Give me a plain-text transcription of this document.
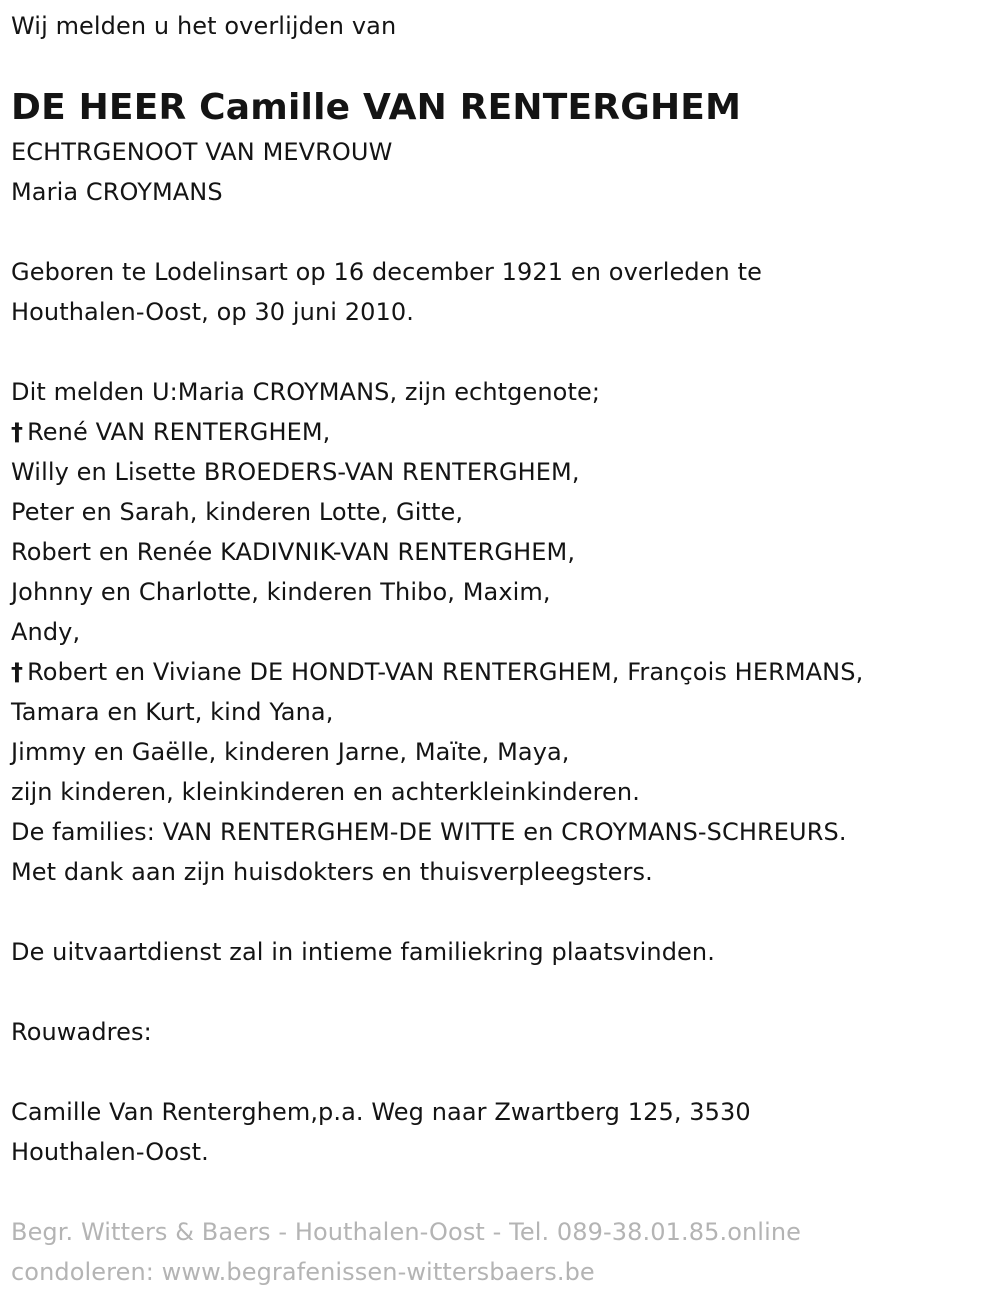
Wij melden u het overlijden van
DE HEER Camille VAN RENTERGHEM
ECHTRGENOOT VAN MEVROUW
Maria CROYMANS
Geboren te Lodelinsart op 16 december 1921 en overleden te
Houthalen-Oost, op 30 juni 2010.
Dit melden U:Maria CROYMANS, zijn echtgenote;
† René VAN RENTERGHEM,
Willy en Lisette BROEDERS-VAN RENTERGHEM,
Peter en Sarah, kinderen Lotte, Gitte,
Robert en Renée KADIVNIK-VAN RENTERGHEM,
Johnny en Charlotte, kinderen Thibo, Maxim,
Andy,
† Robert en Viviane DE HONDT-VAN RENTERGHEM, François HERMANS,
Tamara en Kurt, kind Yana,
Jimmy en Gaëlle, kinderen Jarne, Maïte, Maya,
zijn kinderen, kleinkinderen en achterkleinkinderen.
De families: VAN RENTERGHEM-DE WITTE en CROYMANS-SCHREURS.
Met dank aan zijn huisdokters en thuisverpleegsters.
De uitvaartdienst zal in intieme familiekring plaatsvinden.
Rouwadres:
Camille Van Renterghem,p.a. Weg naar Zwartberg 125, 3530
Houthalen-Oost.
Begr. Witters & Baers - Houthalen-Oost - Tel. 089-38.01.85.online
condoleren: www.begrafenissen-wittersbaers.be
